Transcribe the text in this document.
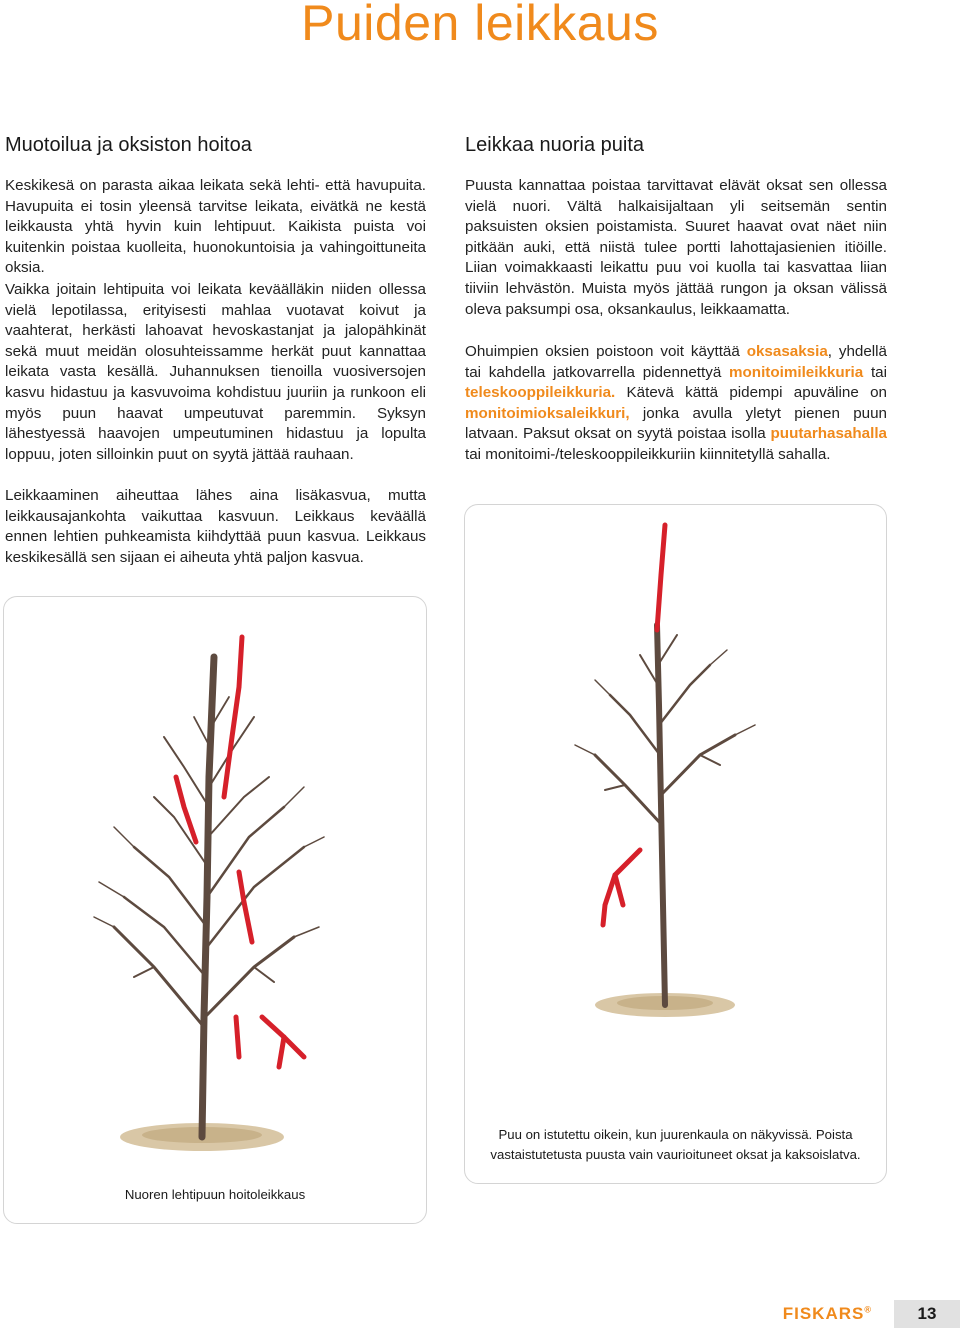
Puiden leikkaus
Muotoilua ja oksiston hoitoa

Keskikesä on parasta aikaa leikata sekä lehti- että havupuita. Havupuita ei tosin yleensä tarvitse leikata, eivätkä ne kestä leikkausta yhtä hyvin kuin lehtipuut. Kaikista puista voi kuitenkin poistaa kuolleita, huonokuntoisia ja vahingoittuneita oksia.

Vaikka joitain lehtipuita voi leikata keväälläkin niiden ollessa vielä lepotilassa, erityisesti mahlaa vuotavat koivut ja vaahterat, herkästi lahoavat hevoskastanjat ja jalopähkinät sekä muut meidän olosuhteissamme herkät puut kannattaa leikata vasta kesällä. Juhannuksen tienoilla vuosiversojen kasvu hidastuu ja kasvuvoima kohdistuu juuriin ja runkoon eli myös puun haavat umpeutuvat paremmin. Syksyn lähestyessä haavojen umpeutuminen hidastuu ja lopulta loppuu, joten silloinkin puut on syytä jättää rauhaan.

Leikkaaminen aiheuttaa lähes aina lisäkasvua, mutta leikkausajankohta vaikuttaa kasvuun. Leikkaus keväällä ennen lehtien puhkeamista kiihdyttää puun kasvua. Leikkaus keskikesällä sen sijaan ei aiheuta yhtä paljon kasvua.

Nuoren lehtipuun hoitoleikkaus
Leikkaa nuoria puita

Puusta kannattaa poistaa tarvittavat elävät oksat sen ollessa vielä nuori. Vältä halkaisijaltaan yli seitsemän sentin paksuisten oksien poistamista. Suuret haavat ovat näet niin pitkään auki, että niistä tulee portti lahottajasienien itiöille. Liian voimakkaasti leikattu puu voi kuolla tai kasvattaa liian tiiviin lehvästön. Muista myös jättää rungon ja oksan välissä oleva paksumpi osa, oksankaulus, leikkaamatta.

Ohuimpien oksien poistoon voit käyttää oksasaksia, yhdellä tai kahdella jatkovarrella pidennettyä monitoimileikkuria tai teleskooppileikkuria. Kätevä kättä pidempi apuväline on monitoimioksaleikkuri, jonka avulla yletyt pienen puun latvaan. Paksut oksat on syytä poistaa isolla puutarhasahalla tai monitoimi-/teleskooppileikkuriin kiinnitetyllä sahalla.

Puu on istutettu oikein, kun juurenkaula on näkyvissä. Poista
vastaistutetusta puusta vain vaurioituneet oksat ja kaksoislatva.
FISKARS®	13
